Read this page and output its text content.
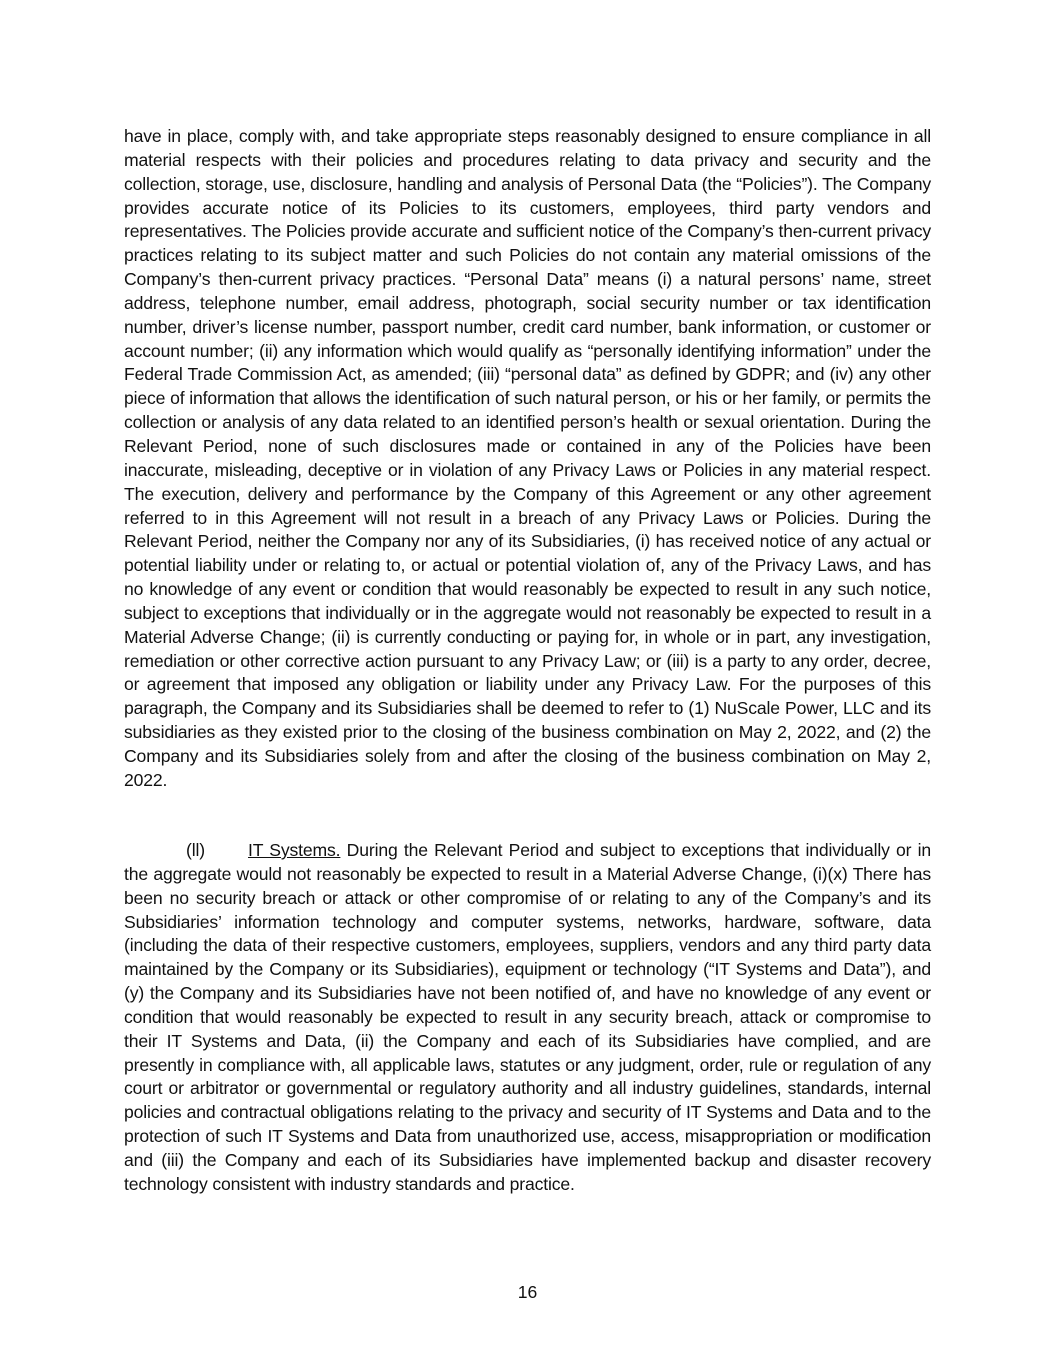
have in place, comply with, and take appropriate steps reasonably designed to ensure compliance in all material respects with their policies and procedures relating to data privacy and security and the collection, storage, use, disclosure, handling and analysis of Personal Data (the “Policies”). The Company provides accurate notice of its Policies to its customers, employees, third party vendors and representatives. The Policies provide accurate and sufficient notice of the Company’s then-current privacy practices relating to its subject matter and such Policies do not contain any material omissions of the Company’s then-current privacy practices. “Personal Data” means (i) a natural persons’ name, street address, telephone number, email address, photograph, social security number or tax identification number, driver’s license number, passport number, credit card number, bank information, or customer or account number; (ii) any information which would qualify as “personally identifying information” under the Federal Trade Commission Act, as amended; (iii) “personal data” as defined by GDPR; and (iv) any other piece of information that allows the identification of such natural person, or his or her family, or permits the collection or analysis of any data related to an identified person’s health or sexual orientation. During the Relevant Period, none of such disclosures made or contained in any of the Policies have been inaccurate, misleading, deceptive or in violation of any Privacy Laws or Policies in any material respect. The execution, delivery and performance by the Company of this Agreement or any other agreement referred to in this Agreement will not result in a breach of any Privacy Laws or Policies. During the Relevant Period, neither the Company nor any of its Subsidiaries, (i) has received notice of any actual or potential liability under or relating to, or actual or potential violation of, any of the Privacy Laws, and has no knowledge of any event or condition that would reasonably be expected to result in any such notice, subject to exceptions that individually or in the aggregate would not reasonably be expected to result in a Material Adverse Change; (ii) is currently conducting or paying for, in whole or in part, any investigation, remediation or other corrective action pursuant to any Privacy Law; or (iii) is a party to any order, decree, or agreement that imposed any obligation or liability under any Privacy Law. For the purposes of this paragraph, the Company and its Subsidiaries shall be deemed to refer to (1) NuScale Power, LLC and its subsidiaries as they existed prior to the closing of the business combination on May 2, 2022, and (2) the Company and its Subsidiaries solely from and after the closing of the business combination on May 2, 2022.

(ll) IT Systems. During the Relevant Period and subject to exceptions that individually or in the aggregate would not reasonably be expected to result in a Material Adverse Change, (i)(x) There has been no security breach or attack or other compromise of or relating to any of the Company’s and its Subsidiaries’ information technology and computer systems, networks, hardware, software, data (including the data of their respective customers, employees, suppliers, vendors and any third party data maintained by the Company or its Subsidiaries), equipment or technology (“IT Systems and Data”), and (y) the Company and its Subsidiaries have not been notified of, and have no knowledge of any event or condition that would reasonably be expected to result in any security breach, attack or compromise to their IT Systems and Data, (ii) the Company and each of its Subsidiaries have complied, and are presently in compliance with, all applicable laws, statutes or any judgment, order, rule or regulation of any court or arbitrator or governmental or regulatory authority and all industry guidelines, standards, internal policies and contractual obligations relating to the privacy and security of IT Systems and Data and to the protection of such IT Systems and Data from unauthorized use, access, misappropriation or modification and (iii) the Company and each of its Subsidiaries have implemented backup and disaster recovery technology consistent with industry standards and practice.

16
